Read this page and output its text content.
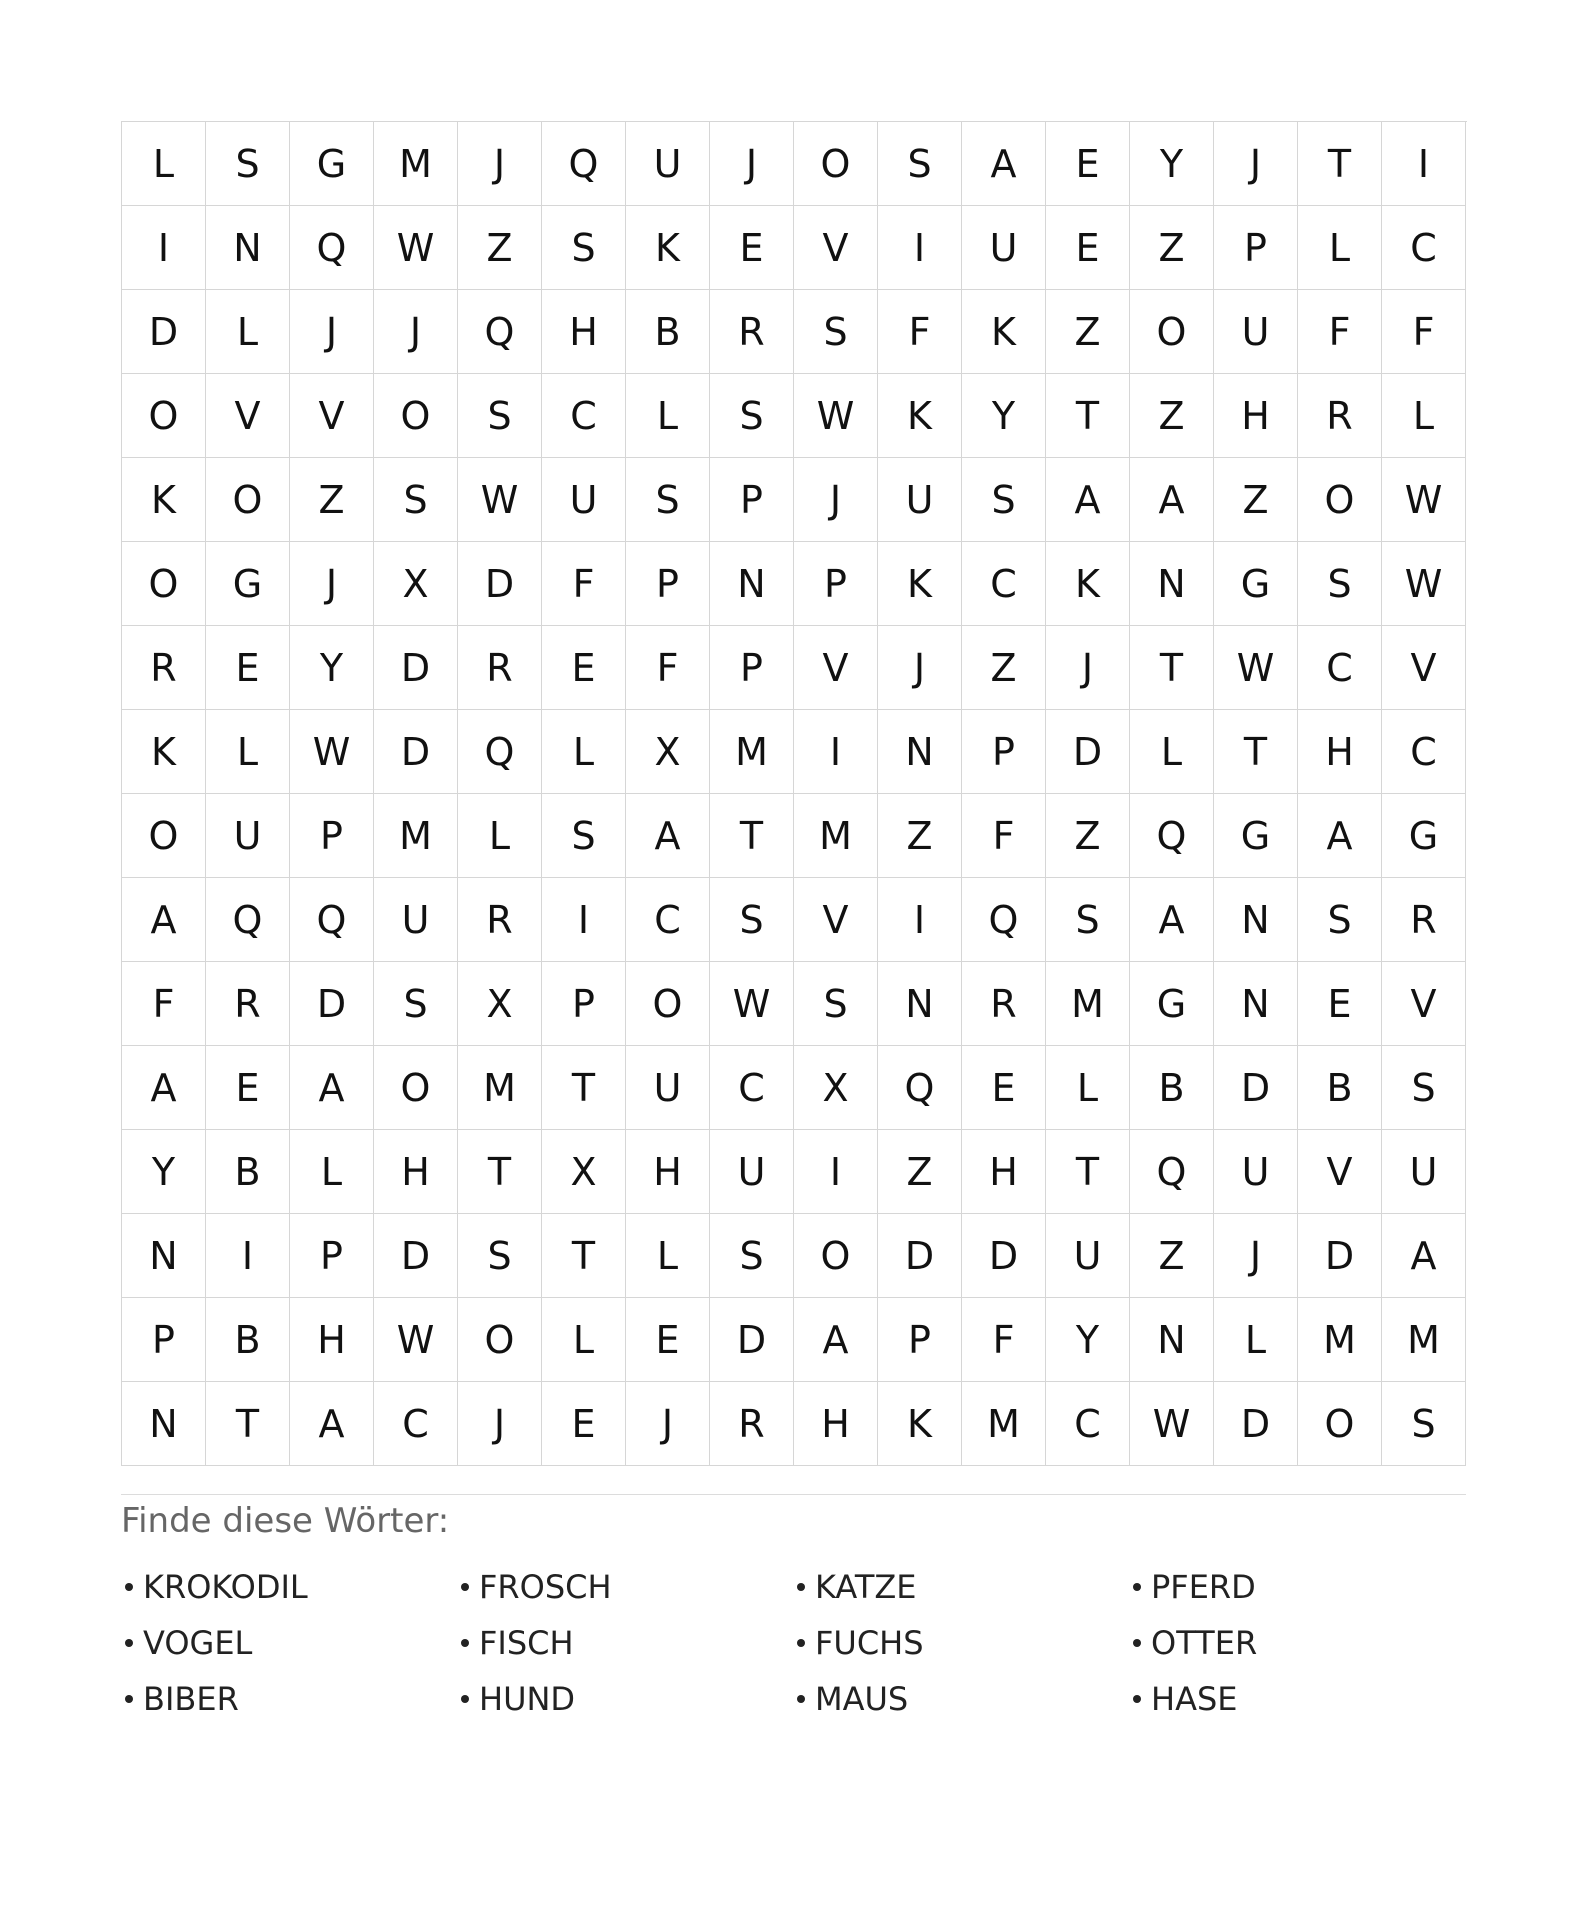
L	S	G	M	J	Q	U	J	O	S	A	E	Y	J	T	I
I	N	Q	W	Z	S	K	E	V	I	U	E	Z	P	L	C
D	L	J	J	Q	H	B	R	S	F	K	Z	O	U	F	F
O	V	V	O	S	C	L	S	W	K	Y	T	Z	H	R	L
K	O	Z	S	W	U	S	P	J	U	S	A	A	Z	O	W
O	G	J	X	D	F	P	N	P	K	C	K	N	G	S	W
R	E	Y	D	R	E	F	P	V	J	Z	J	T	W	C	V
K	L	W	D	Q	L	X	M	I	N	P	D	L	T	H	C
O	U	P	M	L	S	A	T	M	Z	F	Z	Q	G	A	G
A	Q	Q	U	R	I	C	S	V	I	Q	S	A	N	S	R
F	R	D	S	X	P	O	W	S	N	R	M	G	N	E	V
A	E	A	O	M	T	U	C	X	Q	E	L	B	D	B	S
Y	B	L	H	T	X	H	U	I	Z	H	T	Q	U	V	U
N	I	P	D	S	T	L	S	O	D	D	U	Z	J	D	A
P	B	H	W	O	L	E	D	A	P	F	Y	N	L	M	M
N	T	A	C	J	E	J	R	H	K	M	C	W	D	O	S
Finde diese Wörter:
KROKODIL	FROSCH	KATZE	PFERD
VOGEL	FISCH	FUCHS	OTTER
BIBER	HUND	MAUS	HASE
